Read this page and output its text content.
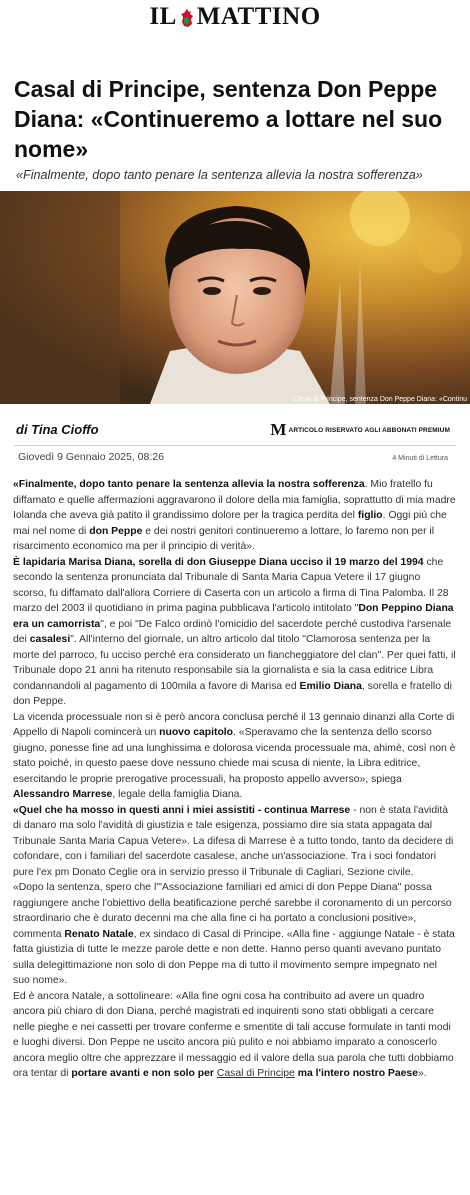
IL MATTINO
Casal di Principe, sentenza Don Peppe Diana: «Continueremo a lottare nel suo nome»
«Finalmente, dopo tanto penare la sentenza allevia la nostra sofferenza»
Casal di Principe, sentenza Don Peppe Diana: «Continu
di Tina Cioffo	M ARTICOLO RISERVATO AGLI ABBONATI PREMIUM
Giovedì 9 Gennaio 2025, 08:26	4 Minuti di Lettura

«Finalmente, dopo tanto penare la sentenza allevia la nostra sofferenza. Mio fratello fu diffamato e quelle affermazioni aggravarono il dolore della mia famiglia, soprattutto di mia madre Iolanda che aveva già patito il grandissimo dolore per la tragica perdita del figlio. Oggi più che mai nel nome di don Peppe e dei nostri genitori continueremo a lottare, lo faremo non per il risarcimento economico ma per il principio di verità».

È lapidaria Marisa Diana, sorella di don Giuseppe Diana ucciso il 19 marzo del 1994 che secondo la sentenza pronunciata dal Tribunale di Santa Maria Capua Vetere il 17 giugno scorso, fu diffamato dall'allora Corriere di Caserta con un articolo a firma di Tina Palomba. Il 28 marzo del 2003 il quotidiano in prima pagina pubblicava l'articolo intitolato "Don Peppino Diana era un camorrista", e poi "De Falco ordinò l'omicidio del sacerdote perché custodiva l'arsenale dei casalesi". All'interno del giornale, un altro articolo dal titolo "Clamorosa sentenza per la morte del parroco, fu ucciso perché era considerato un fiancheggiatore del clan". Per quei fatti, il Tribunale dopo 21 anni ha ritenuto responsabile sia la giornalista e sia la casa editrice Libra condannandoli al pagamento di 100mila a favore di Marisa ed Emilio Diana, sorella e fratello di don Peppe.

La vicenda processuale non si è però ancora conclusa perché il 13 gennaio dinanzi alla Corte di Appello di Napoli comincerà un nuovo capitolo. «Speravamo che la sentenza dello scorso giugno, ponesse fine ad una lunghissima e dolorosa vicenda processuale ma, ahimè, così non è stato poiché, in questo paese dove nessuno chiede mai scusa di niente, la Libra editrice, esercitando le proprie prerogative processuali, ha proposto appello avverso», spiega Alessandro Marrese, legale della famiglia Diana.

«Quel che ha mosso in questi anni i miei assistiti - continua Marrese - non è stata l'avidità di danaro ma solo l'avidità di giustizia e tale esigenza, possiamo dire sia stata appagata dal Tribunale Santa Maria Capua Vetere». La difesa di Marrese è a tutto tondo, tanto da decidere di cofondare, con i familiari del sacerdote casalese, anche un'associazione. Tra i soci fondatori pure l'ex pm Donato Ceglie ora in servizio presso il Tribunale di Cagliari, Sezione civile.

«Dopo la sentenza, spero che l'"Associazione familiari ed amici di don Peppe Diana" possa raggiungere anche l'obiettivo della beatificazione perché sarebbe il coronamento di un percorso straordinario che è durato decenni ma che alla fine ci ha portato a conclusioni positive», commenta Renato Natale, ex sindaco di Casal di Principe. «Alla fine - aggiunge Natale - è stata fatta giustizia di tutte le mezze parole dette e non dette. Hanno perso quanti avevano puntato sulla delegittimazione non solo di don Peppe ma di tutto il movimento sempre impegnato nel suo nome».

Ed è ancora Natale, a sottolineare: «Alla fine ogni cosa ha contribuito ad avere un quadro ancora più chiaro di don Diana, perché magistrati ed inquirenti sono stati obbligati a cercare nelle pieghe e nei cassetti per trovare conferme e smentite di tali accuse formulate in tanti modi e luoghi diversi. Don Peppe ne uscito ancora più pulito e noi abbiamo imparato a conoscerlo ancora meglio oltre che apprezzare il messaggio ed il valore della sua parola che tutti dobbiamo ora tentar di portare avanti e non solo per Casal di Principe ma l'intero nostro Paese».
